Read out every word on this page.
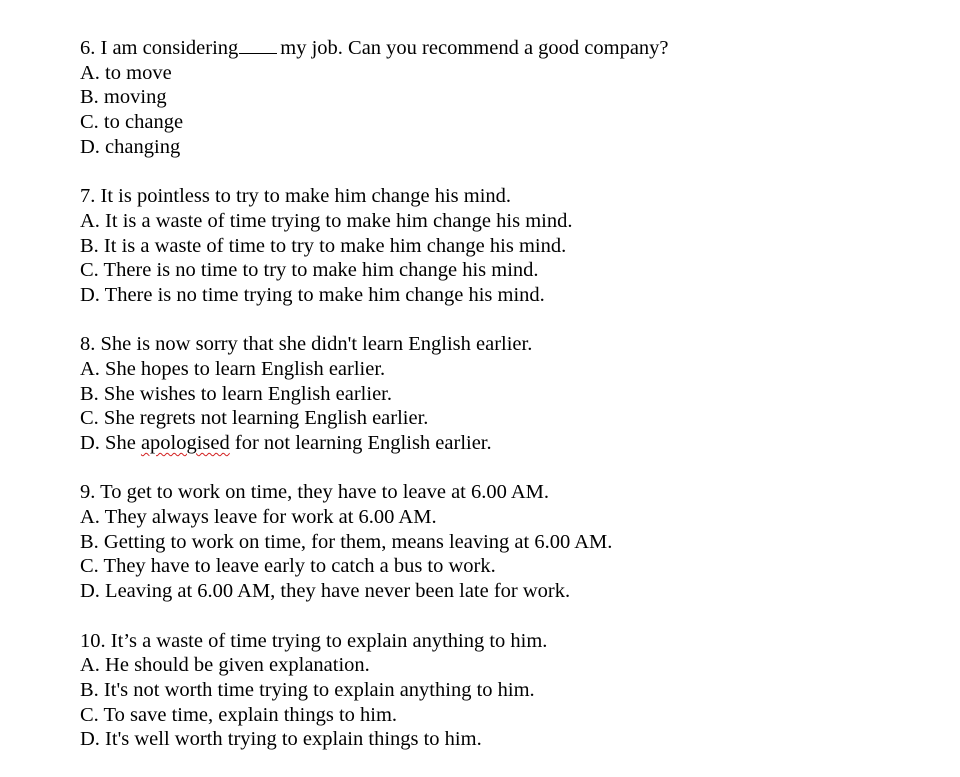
6. I am considering my job. Can you recommend a good company?
A. to move
B. moving
C. to change
D. changing
7. It is pointless to try to make him change his mind.
A. It is a waste of time trying to make him change his mind.
B. It is a waste of time to try to make him change his mind.
C. There is no time to try to make him change his mind.
D. There is no time trying to make him change his mind.
8. She is now sorry that she didn't learn English earlier.
A. She hopes to learn English earlier.
B. She wishes to learn English earlier.
C. She regrets not learning English earlier.
D. She apologised for not learning English earlier.
9. To get to work on time, they have to leave at 6.00 AM.
A. They always leave for work at 6.00 AM.
B. Getting to work on time, for them, means leaving at 6.00 AM.
C. They have to leave early to catch a bus to work.
D. Leaving at 6.00 AM, they have never been late for work.
10. It’s a waste of time trying to explain anything to him.
A. He should be given explanation.
B. It's not worth time trying to explain anything to him.
C. To save time, explain things to him.
D. It's well worth trying to explain things to him.
